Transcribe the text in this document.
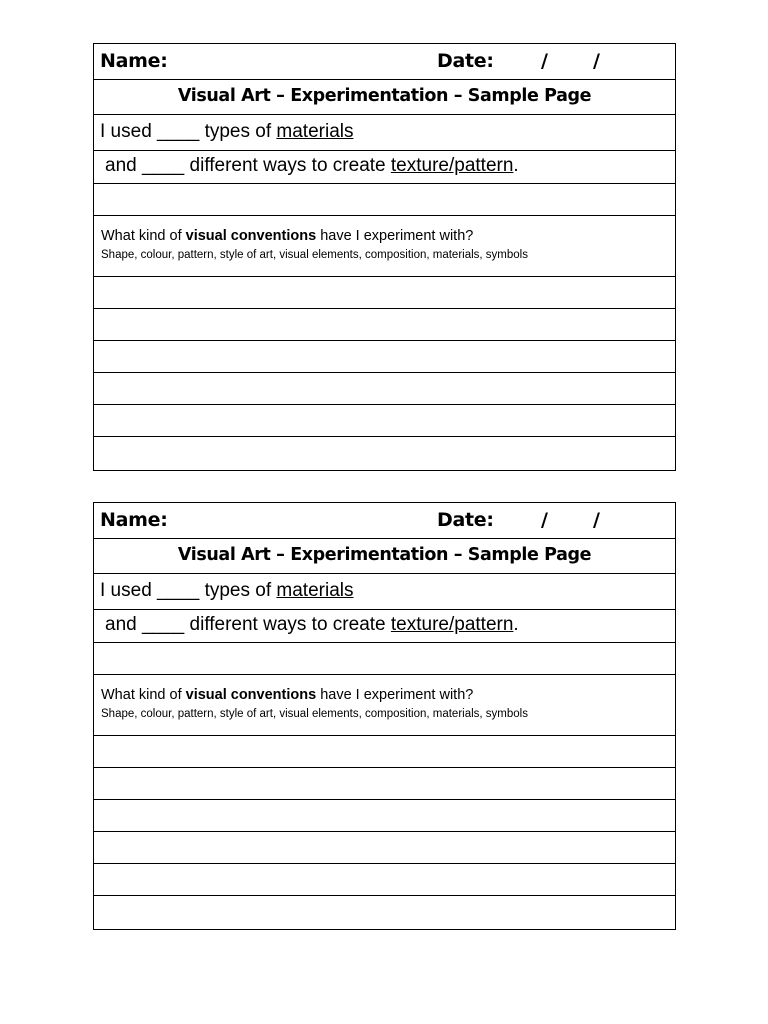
Name:	Date: / /
Visual Art – Experimentation – Sample Page
I used ____ types of materials
and ____ different ways to create texture/pattern.
What kind of visual conventions have I experiment with?
Shape, colour, pattern, style of art, visual elements, composition, materials, symbols
Name:	Date: / /
Visual Art – Experimentation – Sample Page
I used ____ types of materials
and ____ different ways to create texture/pattern.
What kind of visual conventions have I experiment with?
Shape, colour, pattern, style of art, visual elements, composition, materials, symbols
